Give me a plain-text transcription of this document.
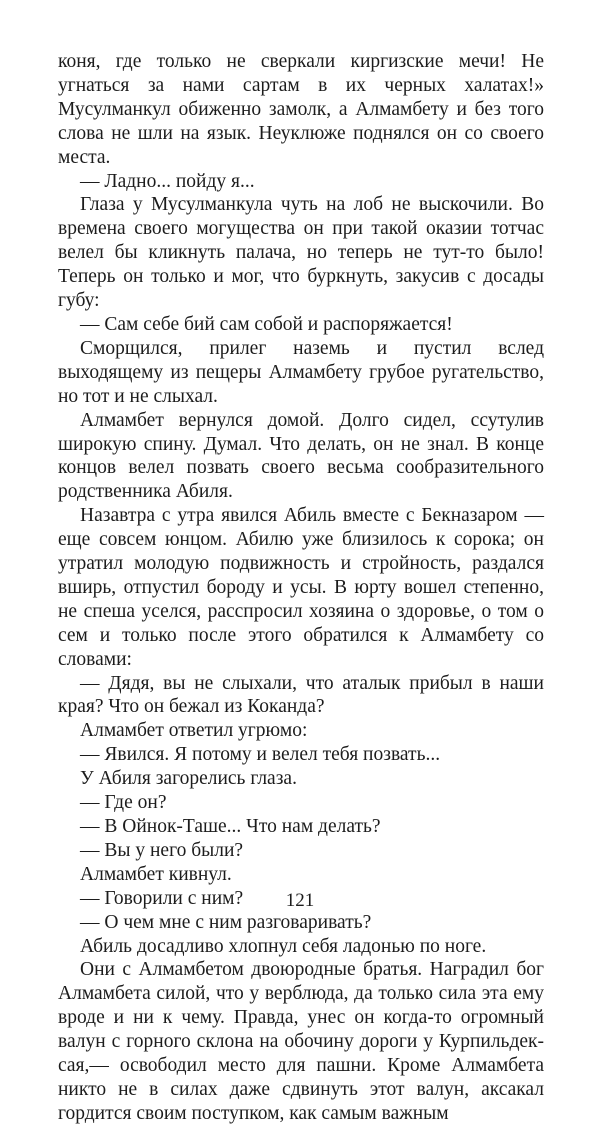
коня, где только не сверкали киргизские мечи! Не угнаться за нами сартам в их черных халатах!» Мусулманкул обиженно замолк, а Алмамбету и без того слова не шли на язык. Неуклюже поднялся он со своего места.

— Ладно... пойду я...

Глаза у Мусулманкула чуть на лоб не выскочили. Во времена своего могущества он при такой оказии тотчас велел бы кликнуть палача, но теперь не тут-то было! Теперь он только и мог, что буркнуть, закусив с досады губу:

— Сам себе бий сам собой и распоряжается!

Сморщился, прилег наземь и пустил вслед выходящему из пещеры Алмамбету грубое ругательство, но тот и не слыхал.

Алмамбет вернулся домой. Долго сидел, ссутулив широкую спину. Думал. Что делать, он не знал. В конце концов велел позвать своего весьма сообразительного родственника Абиля.

Назавтра с утра явился Абиль вместе с Бекназаром — еще совсем юнцом. Абилю уже близилось к сорока; он утратил молодую подвижность и стройность, раздался вширь, отпустил бороду и усы. В юрту вошел степенно, не спеша уселся, расспросил хозяина о здоровье, о том о сем и только после этого обратился к Алмамбету со словами:

— Дядя, вы не слыхали, что аталык прибыл в наши края? Что он бежал из Коканда?

Алмамбет ответил угрюмо:

— Явился. Я потому и велел тебя позвать...

У Абиля загорелись глаза.

— Где он?

— В Ойнок-Таше... Что нам делать?

— Вы у него были?

Алмамбет кивнул.

— Говорили с ним?

— О чем мне с ним разговаривать?

Абиль досадливо хлопнул себя ладонью по ноге.

Они с Алмамбетом двоюродные братья. Наградил бог Алмамбета силой, что у верблюда, да только сила эта ему вроде и ни к чему. Правда, унес он когда-то огромный валун с горного склона на обочину дороги у Курпильдек-сая,— освободил место для пашни. Кроме Алмамбета никто не в силах даже сдвинуть этот валун, аксакал гордится своим поступком, как самым важным

121
